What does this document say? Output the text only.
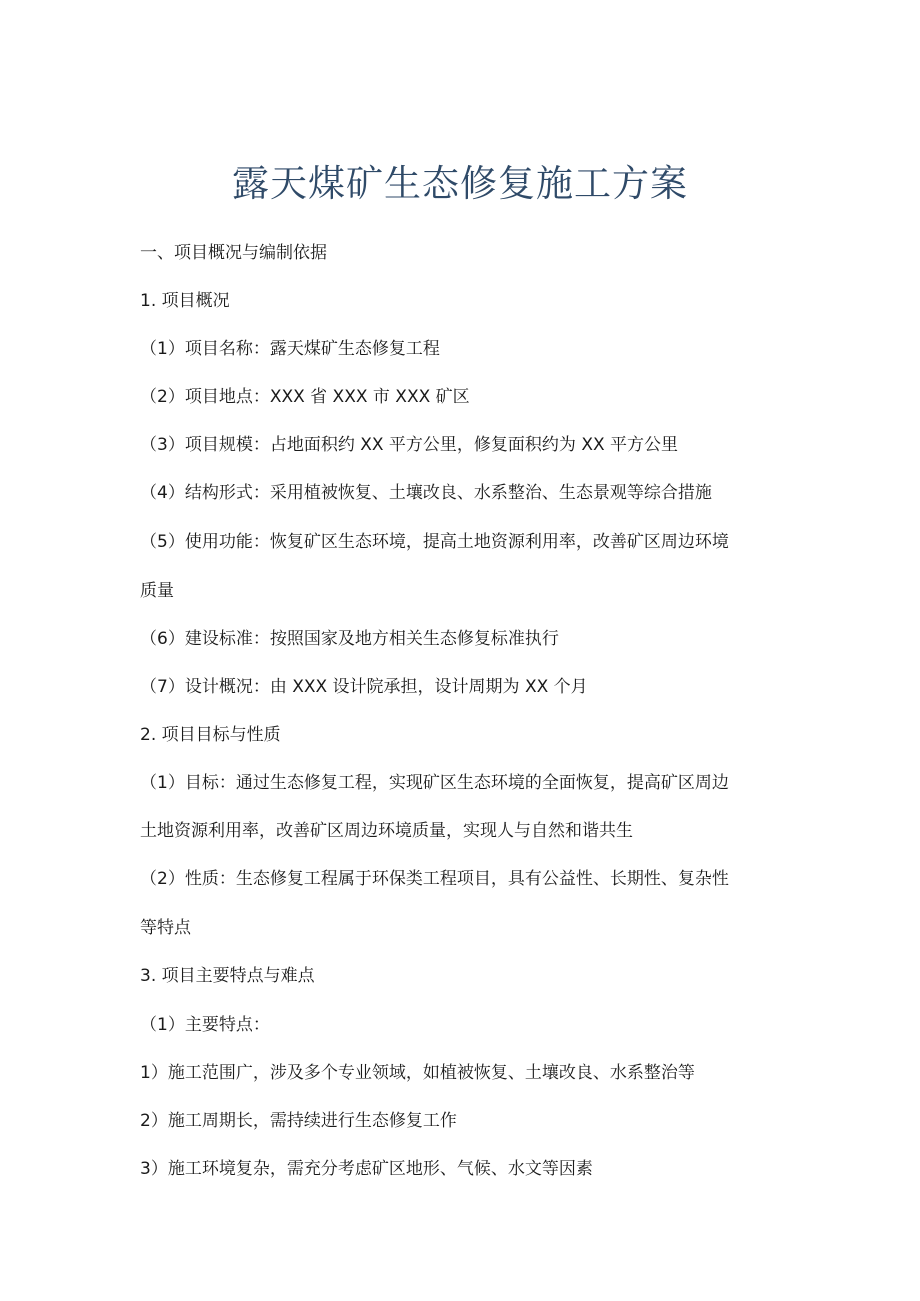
露天煤矿生态修复施工方案

一、项目概况与编制依据

1. 项目概况

（1）项目名称：露天煤矿生态修复工程

（2）项目地点：XXX 省 XXX 市 XXX 矿区

（3）项目规模：占地面积约 XX 平方公里，修复面积约为 XX 平方公里

（4）结构形式：采用植被恢复、土壤改良、水系整治、生态景观等综合措施

（5）使用功能：恢复矿区生态环境，提高土地资源利用率，改善矿区周边环境

质量

（6）建设标准：按照国家及地方相关生态修复标准执行

（7）设计概况：由 XXX 设计院承担，设计周期为 XX 个月

2. 项目目标与性质

（1）目标：通过生态修复工程，实现矿区生态环境的全面恢复，提高矿区周边

土地资源利用率，改善矿区周边环境质量，实现人与自然和谐共生

（2）性质：生态修复工程属于环保类工程项目，具有公益性、长期性、复杂性

等特点

3. 项目主要特点与难点

（1）主要特点：

1）施工范围广，涉及多个专业领域，如植被恢复、土壤改良、水系整治等

2）施工周期长，需持续进行生态修复工作

3）施工环境复杂，需充分考虑矿区地形、气候、水文等因素
